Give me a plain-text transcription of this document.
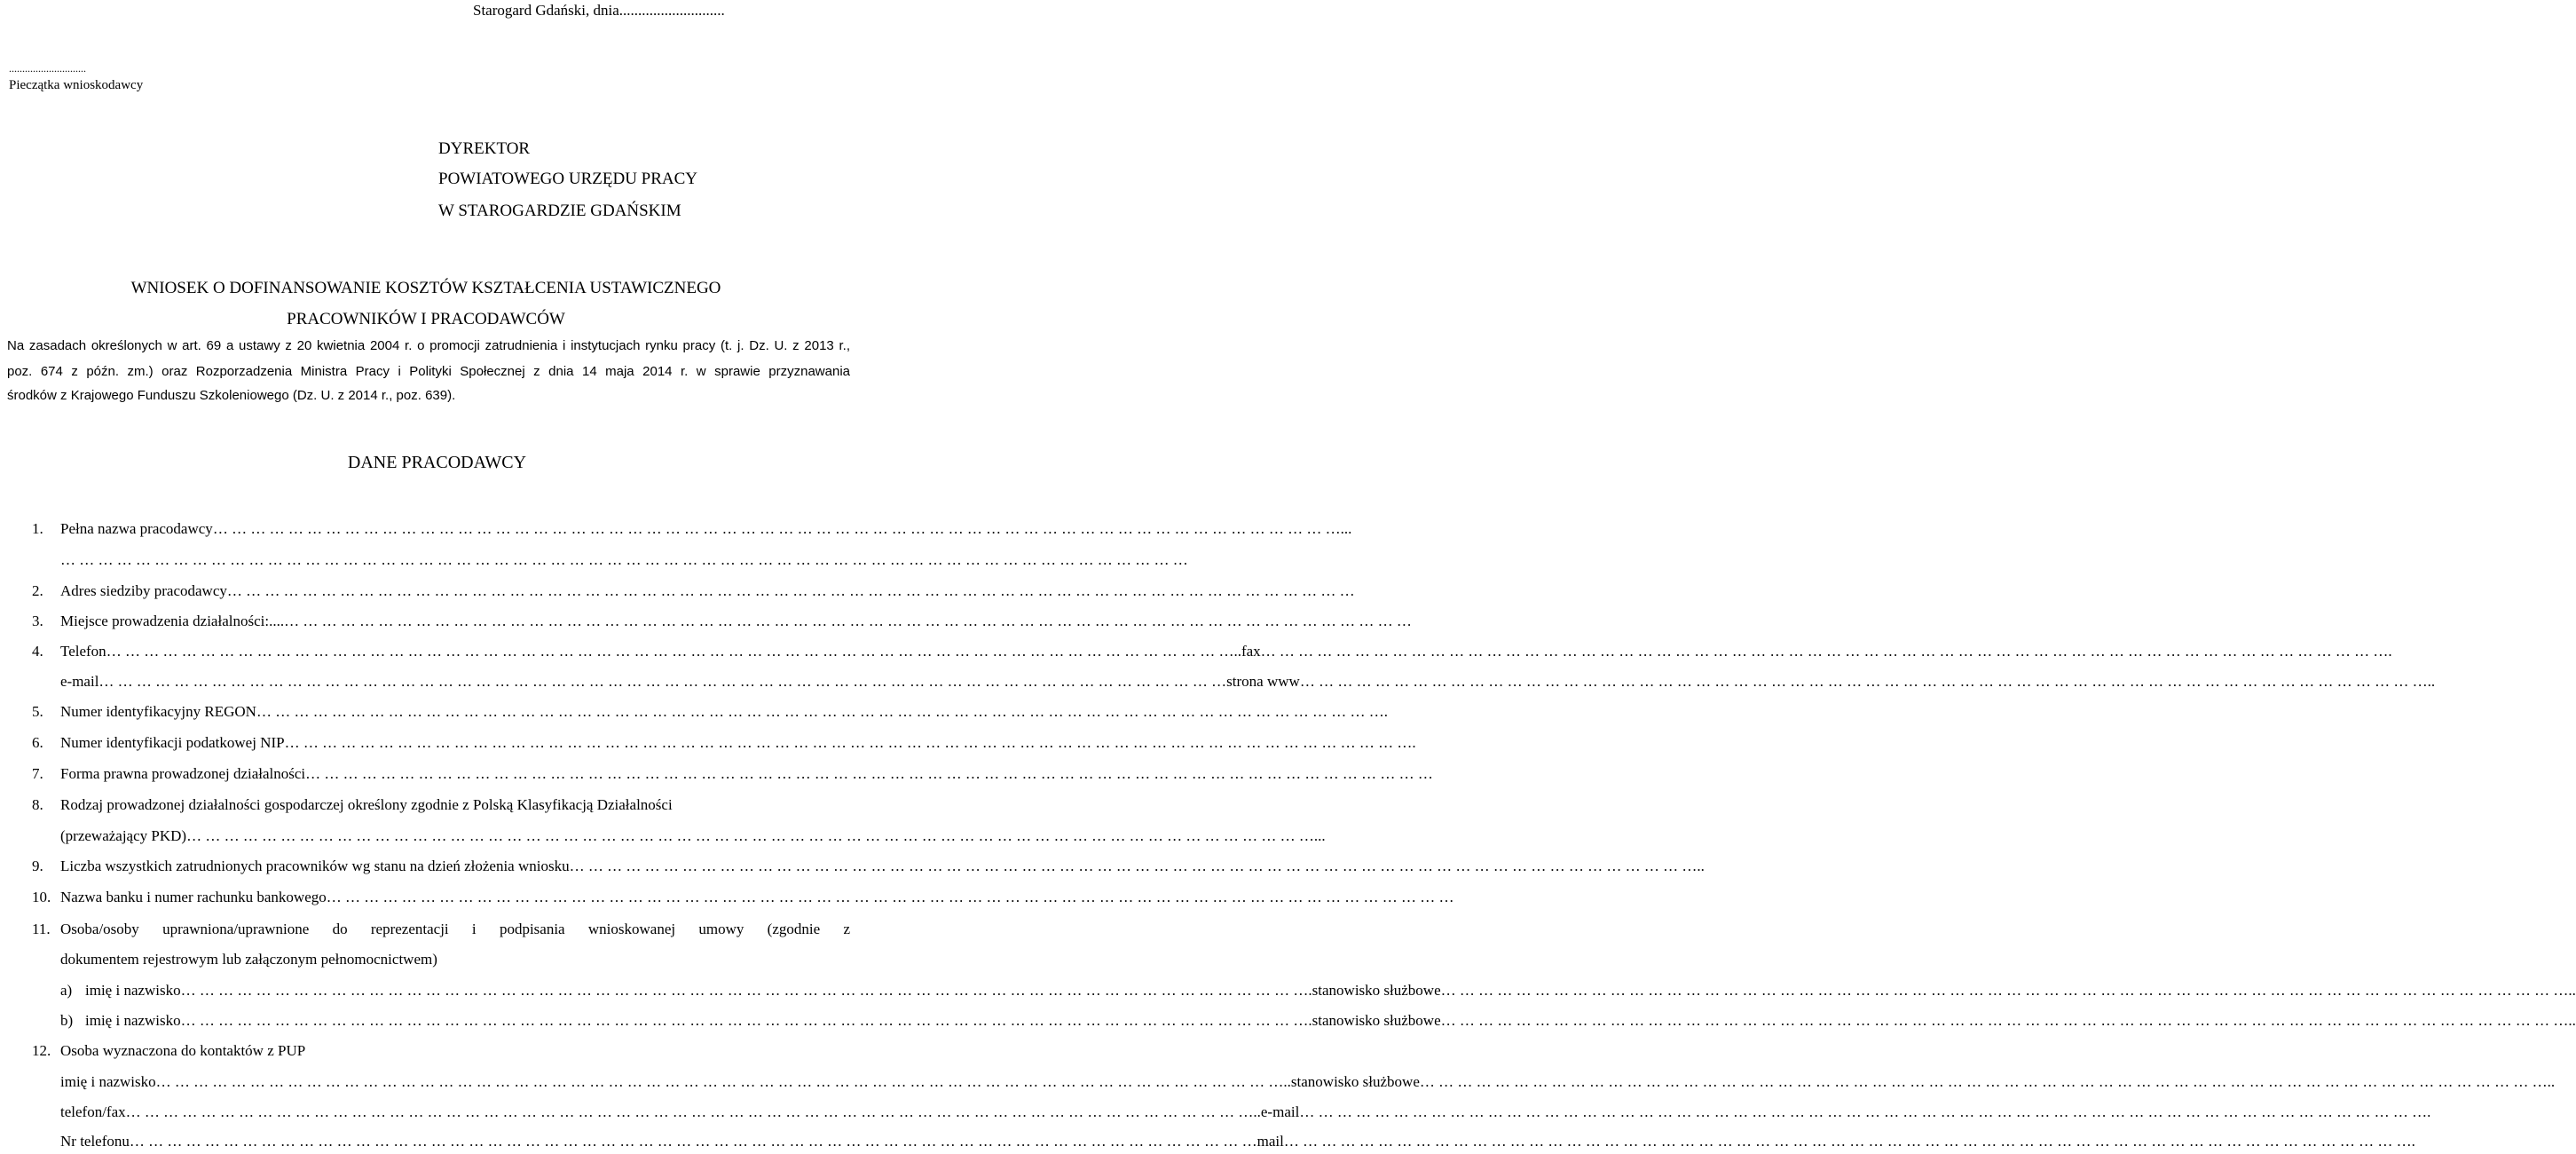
Starogard Gdański, dnia............................
.............................
Pieczątka wnioskodawcy
DYREKTOR
POWIATOWEGO URZĘDU PRACY
W STAROGARDZIE GDAŃSKIM
WNIOSEK O DOFINANSOWANIE KOSZTÓW KSZTAŁCENIA USTAWICZNEGO
PRACOWNIKÓW I PRACODAWCÓW
Na zasadach określonych w art. 69 a ustawy z 20 kwietnia 2004 r. o promocji zatrudnienia i instytucjach rynku pracy (t. j. Dz. U. z 2013 r.,
poz. 674 z późn. zm.) oraz Rozporzadzenia Ministra Pracy i Polityki Społecznej z dnia 14 maja 2014 r. w sprawie przyznawania
środków z Krajowego Funduszu Szkoleniowego (Dz. U. z 2014 r., poz. 639).
DANE PRACODAWCY
1. Pełna nazwa pracodawcy … … … … … … … … … … … … … … … … … … … … … … … … … … … … … … … … … … … … … … … … … … … … … … … … … … … … … … … … … … … … ...
… … … … … … … … … … … … … … … … … … … … … … … … … … … … … … … … … … … … … … … … … … … … … … … … … … … … … … … … … … … …
2. Adres siedziby pracodawcy … … … … … … … … … … … … … … … … … … … … … … … … … … … … … … … … … … … … … … … … … … … … … … … … … … … … … … … … … … … …
3. Miejsce prowadzenia działalności:.... … … … … … … … … … … … … … … … … … … … … … … … … … … … … … … … … … … … … … … … … … … … … … … … … … … … … … … … … … … … …
4. Telefon … … … … … … … … … … … … … … … … … … … … … … … … … … … … … … … … … … … … … … … … … … … … … … … … … … … … … … … … … … … … ..fax … … … … … … … … … … … … … … … … … … … … … … … … … … … … … … … … … … … … … … … … … … … … … … … … … … … … … … … … … … … … .
e-mail … … … … … … … … … … … … … … … … … … … … … … … … … … … … … … … … … … … … … … … … … … … … … … … … … … … … … … … … … … … … strona www … … … … … … … … … … … … … … … … … … … … … … … … … … … … … … … … … … … … … … … … … … … … … … … … … … … … … … … … … … … … ..
5. Numer identyfikacyjny REGON … … … … … … … … … … … … … … … … … … … … … … … … … … … … … … … … … … … … … … … … … … … … … … … … … … … … … … … … … … … … .
6. Numer identyfikacji podatkowej NIP … … … … … … … … … … … … … … … … … … … … … … … … … … … … … … … … … … … … … … … … … … … … … … … … … … … … … … … … … … … … .
7. Forma prawna prowadzonej działalności … … … … … … … … … … … … … … … … … … … … … … … … … … … … … … … … … … … … … … … … … … … … … … … … … … … … … … … … … … … …
8. Rodzaj prowadzonej działalności gospodarczej określony zgodnie z Polską Klasyfikacją Działalności
(przeważający PKD) … … … … … … … … … … … … … … … … … … … … … … … … … … … … … … … … … … … … … … … … … … … … … … … … … … … … … … … … … … … … ...
9. Liczba wszystkich zatrudnionych pracowników wg stanu na dzień złożenia wniosku … … … … … … … … … … … … … … … … … … … … … … … … … … … … … … … … … … … … … … … … … … … … … … … … … … … … … … … … … … … … ..
10. Nazwa banku i numer rachunku bankowego … … … … … … … … … … … … … … … … … … … … … … … … … … … … … … … … … … … … … … … … … … … … … … … … … … … … … … … … … … … …
11. Osoba/osoby uprawniona/uprawnione do reprezentacji i podpisania wnioskowanej umowy (zgodnie z
dokumentem rejestrowym lub załączonym pełnomocnictwem)
a) imię i nazwisko … … … … … … … … … … … … … … … … … … … … … … … … … … … … … … … … … … … … … … … … … … … … … … … … … … … … … … … … … … … … .stanowisko służbowe … … … … … … … … … … … … … … … … … … … … … … … … … … … … … … … … … … … … … … … … … … … … … … … … … … … … … … … … … … … … ..
b) imię i nazwisko … … … … … … … … … … … … … … … … … … … … … … … … … … … … … … … … … … … … … … … … … … … … … … … … … … … … … … … … … … … … .stanowisko służbowe … … … … … … … … … … … … … … … … … … … … … … … … … … … … … … … … … … … … … … … … … … … … … … … … … … … … … … … … … … … … ..
12. Osoba wyznaczona do kontaktów z PUP
imię i nazwisko … … … … … … … … … … … … … … … … … … … … … … … … … … … … … … … … … … … … … … … … … … … … … … … … … … … … … … … … … … … … ..stanowisko służbowe … … … … … … … … … … … … … … … … … … … … … … … … … … … … … … … … … … … … … … … … … … … … … … … … … … … … … … … … … … … … ..
telefon/fax … … … … … … … … … … … … … … … … … … … … … … … … … … … … … … … … … … … … … … … … … … … … … … … … … … … … … … … … … … … … ..e-mail … … … … … … … … … … … … … … … … … … … … … … … … … … … … … … … … … … … … … … … … … … … … … … … … … … … … … … … … … … … … .
Nr telefonu … … … … … … … … … … … … … … … … … … … … … … … … … … … … … … … … … … … … … … … … … … … … … … … … … … … … … … … … … … … … mail … … … … … … … … … … … … … … … … … … … … … … … … … … … … … … … … … … … … … … … … … … … … … … … … … … … … … … … … … … … … .
